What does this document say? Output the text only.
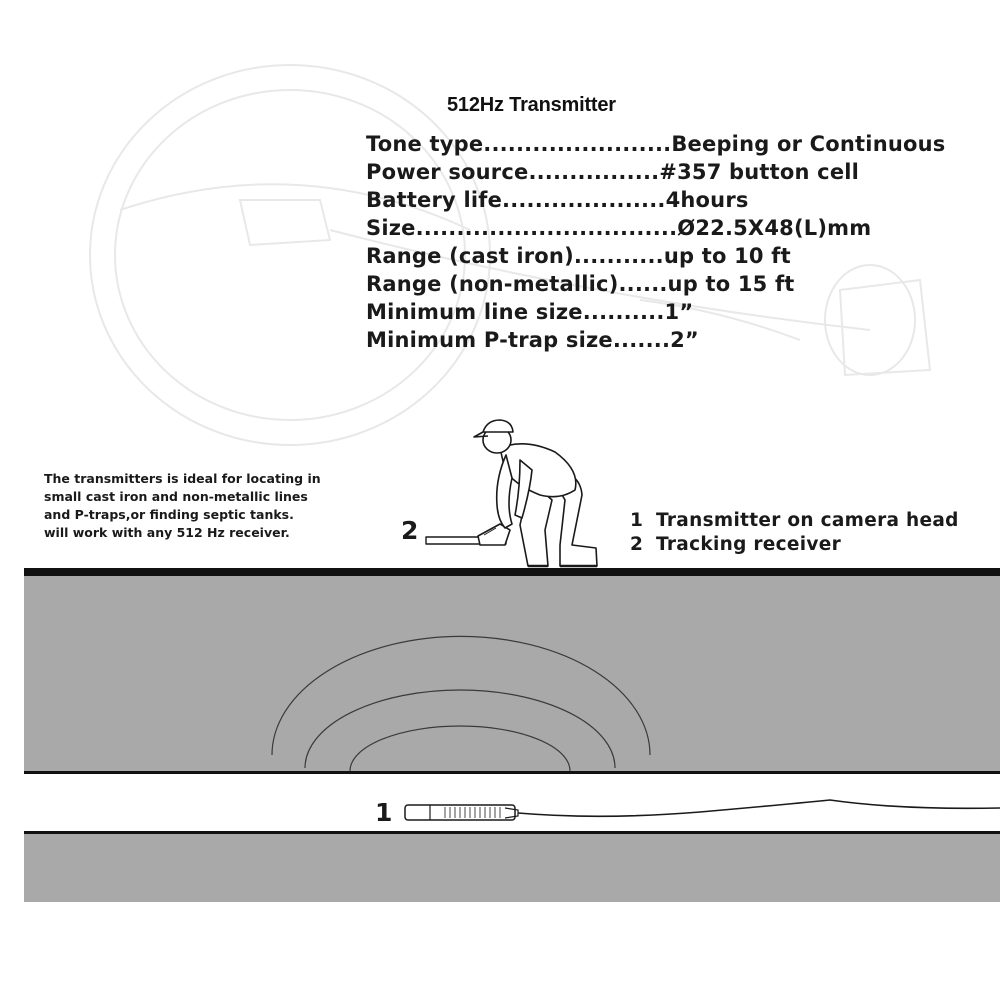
512Hz Transmitter
Tone type.......................Beeping or Continuous
Power source................#357 button cell
Battery life....................4hours
Size................................Ø22.5X48(L)mm
Range (cast iron)...........up to 10 ft
Range (non-metallic)......up to 15 ft
Minimum line size..........1”
Minimum P-trap size.......2”
The transmitters is ideal for locating in
small cast iron and non-metallic lines
and P-traps,or finding septic tanks.
will work with any 512 Hz receiver.	2
1
1 Transmitter on camera head
2 Tracking receiver
